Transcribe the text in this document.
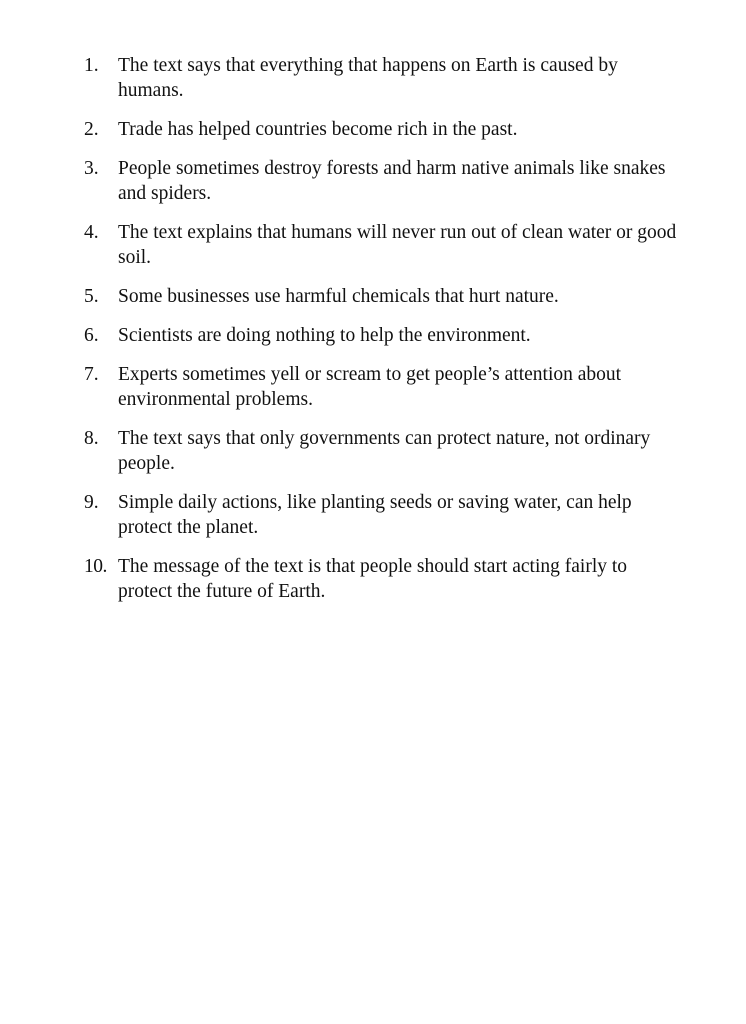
1. The text says that everything that happens on Earth is caused by humans.
2. Trade has helped countries become rich in the past.
3. People sometimes destroy forests and harm native animals like snakes and spiders.
4. The text explains that humans will never run out of clean water or good soil.
5. Some businesses use harmful chemicals that hurt nature.
6. Scientists are doing nothing to help the environment.
7. Experts sometimes yell or scream to get people’s attention about environmental problems.
8. The text says that only governments can protect nature, not ordinary people.
9. Simple daily actions, like planting seeds or saving water, can help protect the planet.
10. The message of the text is that people should start acting fairly to protect the future of Earth.
